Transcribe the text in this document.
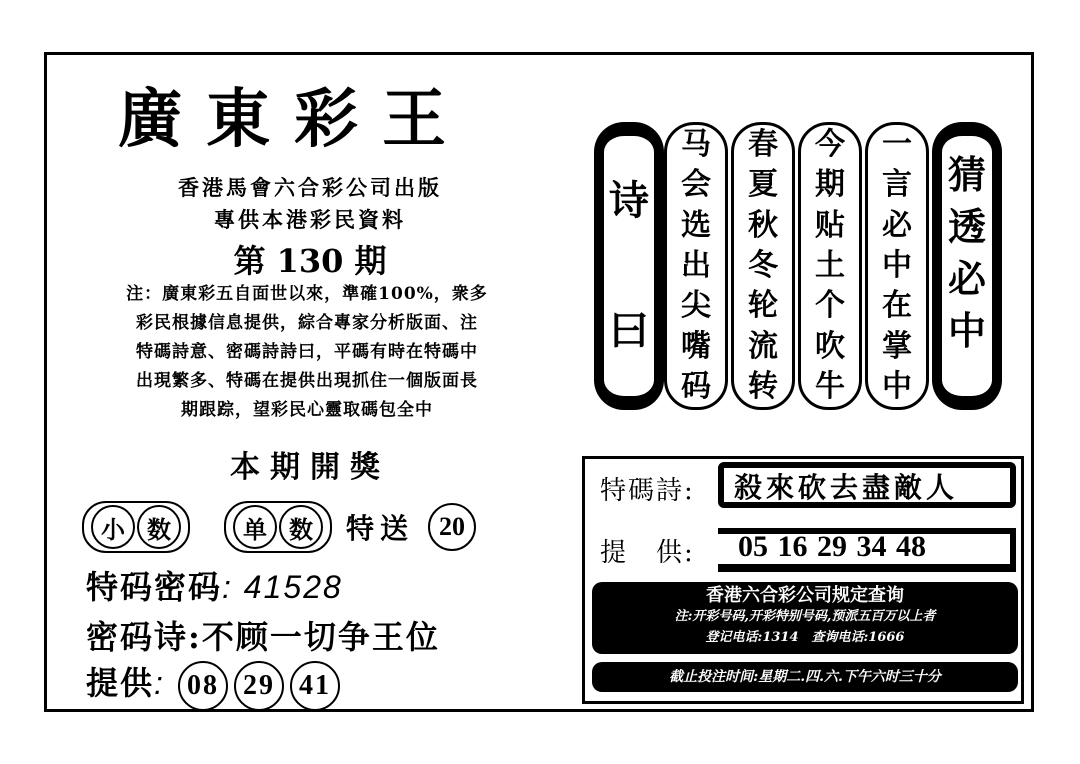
廣東彩王
香港馬會六合彩公司出版
專供本港彩民資料
第 130 期
注：廣東彩五自面世以來，準確100%，衆多
彩民根據信息提供，綜合專家分析版面、注
特碼詩意、密碼詩詩曰，平碼有時在特碼中
出現繁多、特碼在提供出現抓住一個版面長
期跟踪，望彩民心靈取碼包全中
本期開獎
小 数	单 数	特送 20
特码密码: 41528
密码诗:不顾一切争王位
提供: 08 29 41
诗
曰
马
会
选
出
尖
嘴
码
春
夏
秋
冬
轮
流
转
今
期
贴
土
个
吹
牛
一
言
必
中
在
掌
中
猜
透
必
中
特碼詩: 殺來砍去盡敵人
提　供: 05 16 29 34 48
香港六合彩公司规定查询
注:开彩号码,开彩特别号码,预派五百万以上者
登记电话:1314　查询电话:1666
截止投注时间:星期二.四.六.下午六时三十分
